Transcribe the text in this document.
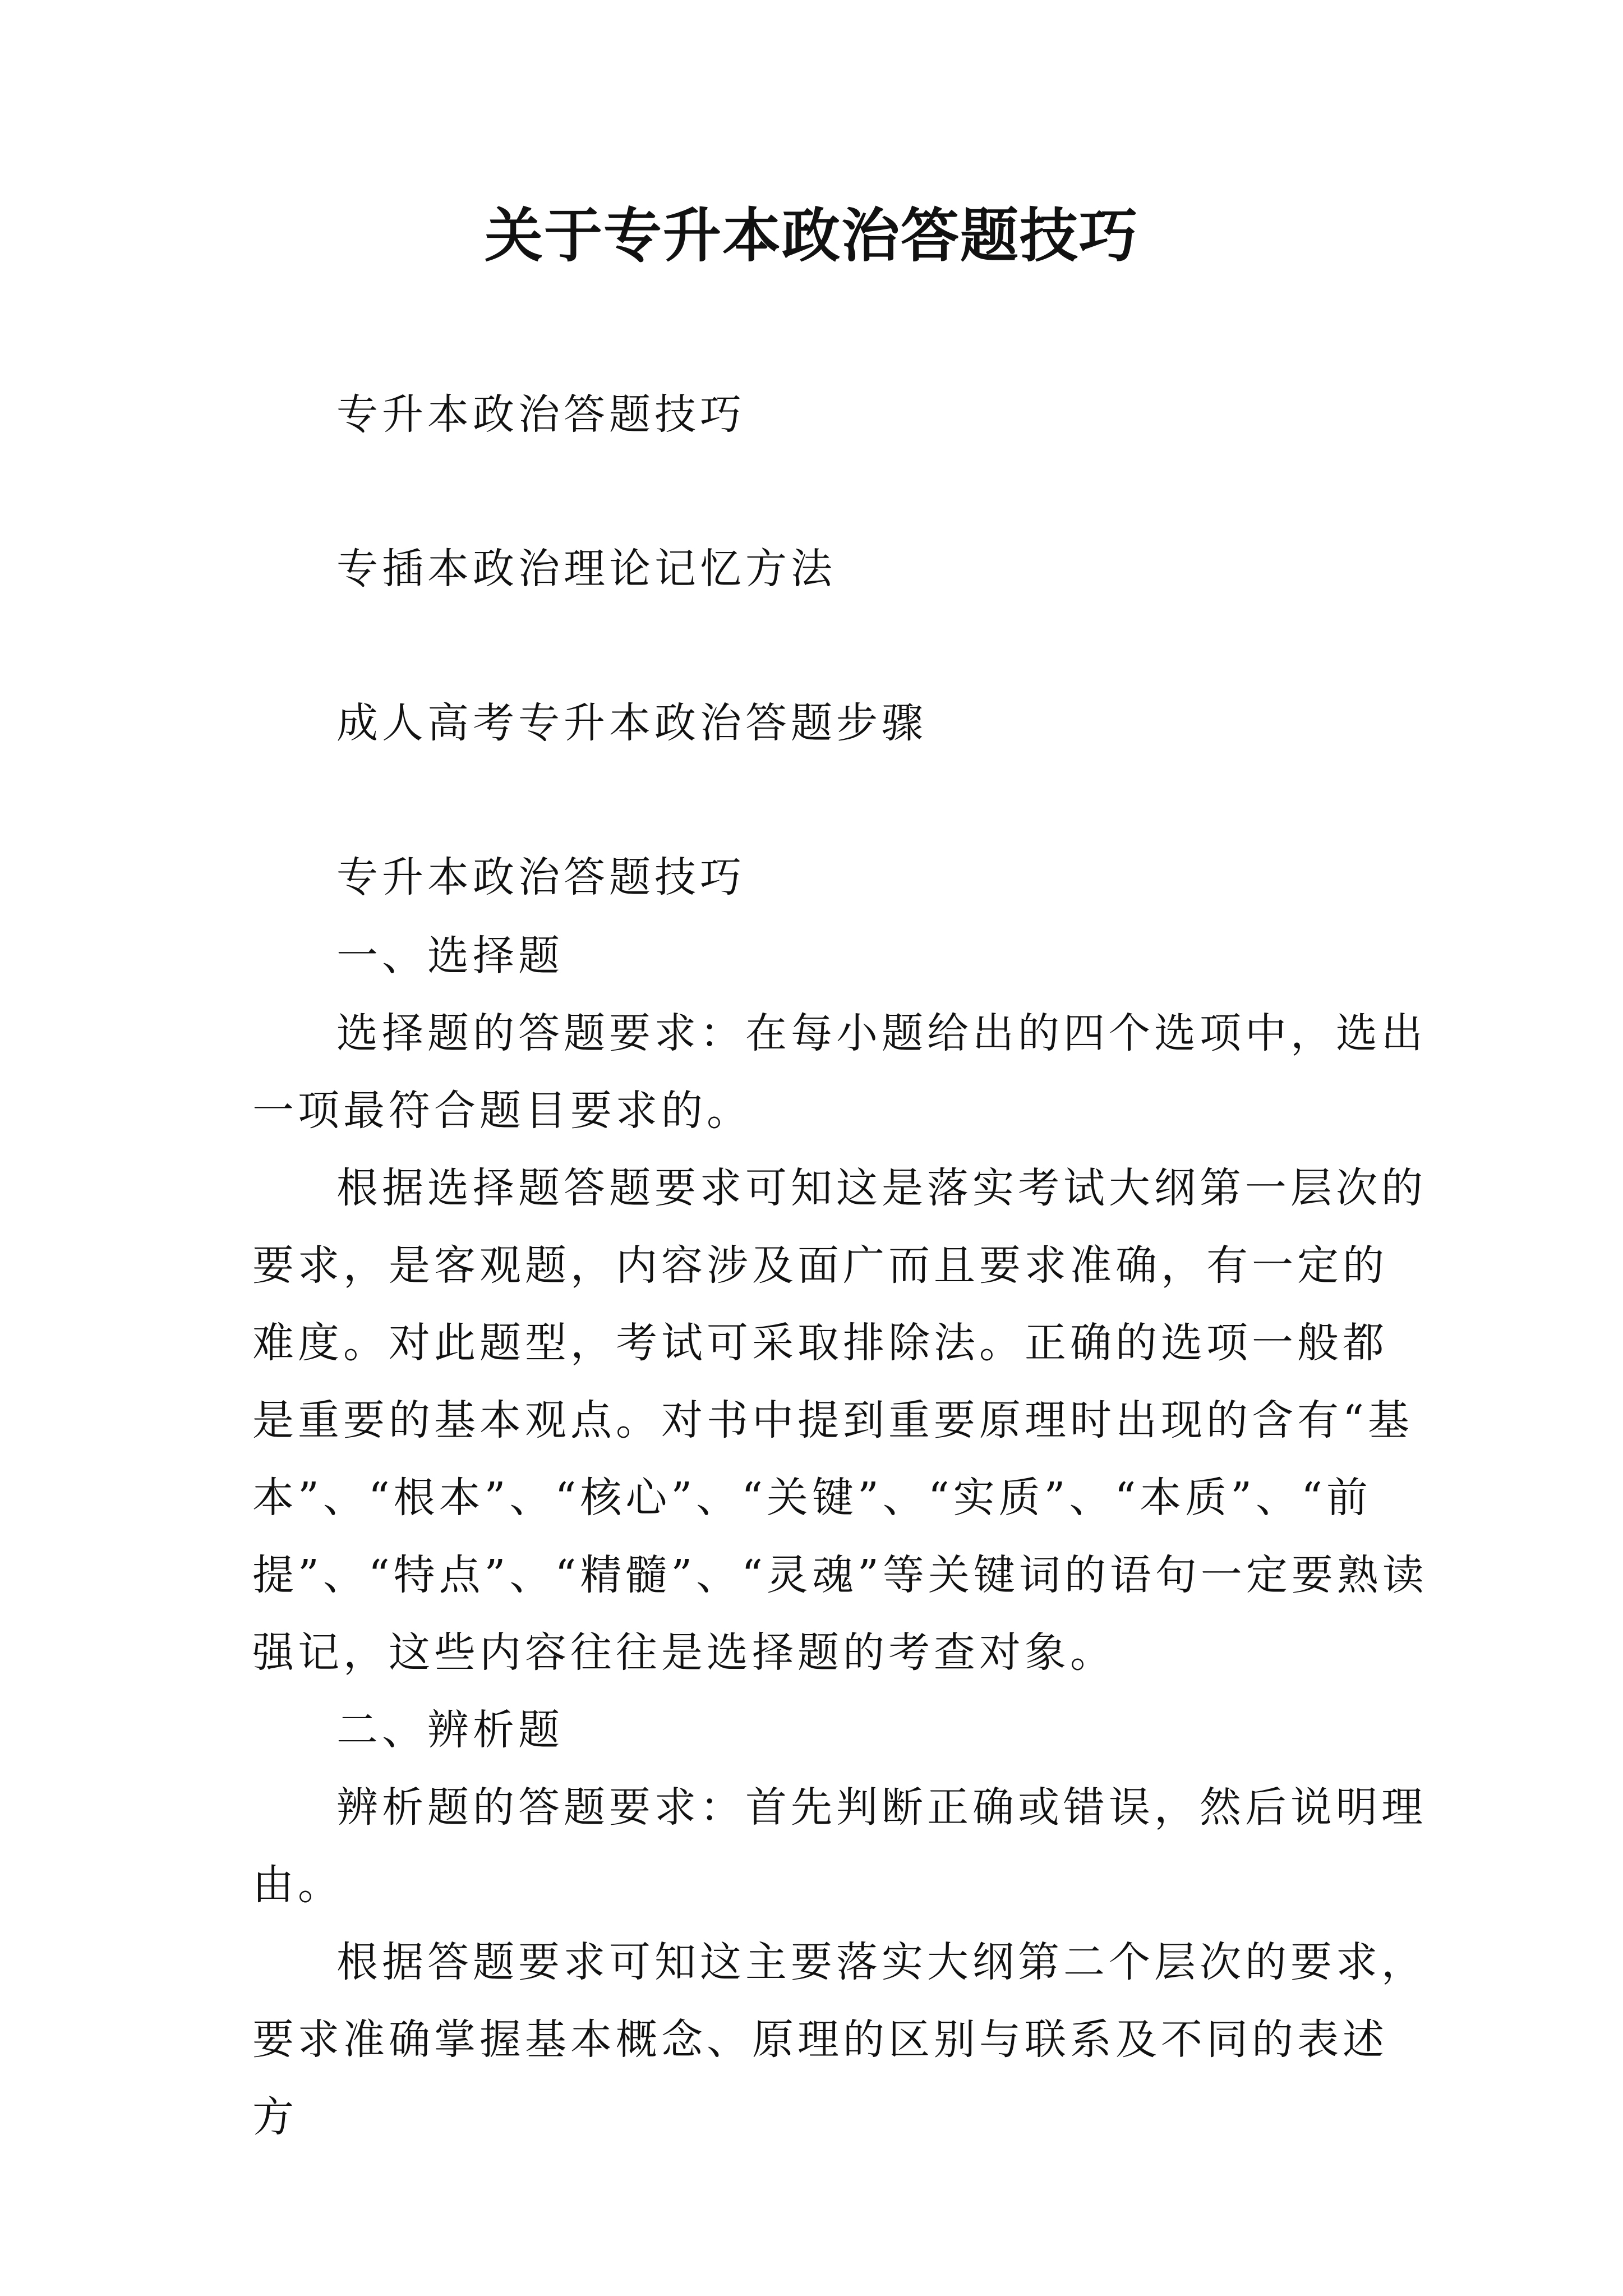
关于专升本政治答题技巧

专升本政治答题技巧

专插本政治理论记忆方法

成人高考专升本政治答题步骤

专升本政治答题技巧

一、选择题

选择题的答题要求：在每小题给出的四个选项中，选出一项最符合题目要求的。

根据选择题答题要求可知这是落实考试大纲第一层次的要求，是客观题，内容涉及面广而且要求准确，有一定的难度。对此题型，考试可采取排除法。正确的选项一般都是重要的基本观点。对书中提到重要原理时出现的含有“基本”、“根本”、“核心”、“关键”、“实质”、“本质”、“前提”、“特点”、“精髓”、“灵魂”等关键词的语句一定要熟读强记，这些内容往往是选择题的考查对象。

二、辨析题

辨析题的答题要求：首先判断正确或错误，然后说明理由。

根据答题要求可知这主要落实大纲第二个层次的要求，要求准确掌握基本概念、原理的区别与联系及不同的表述方
